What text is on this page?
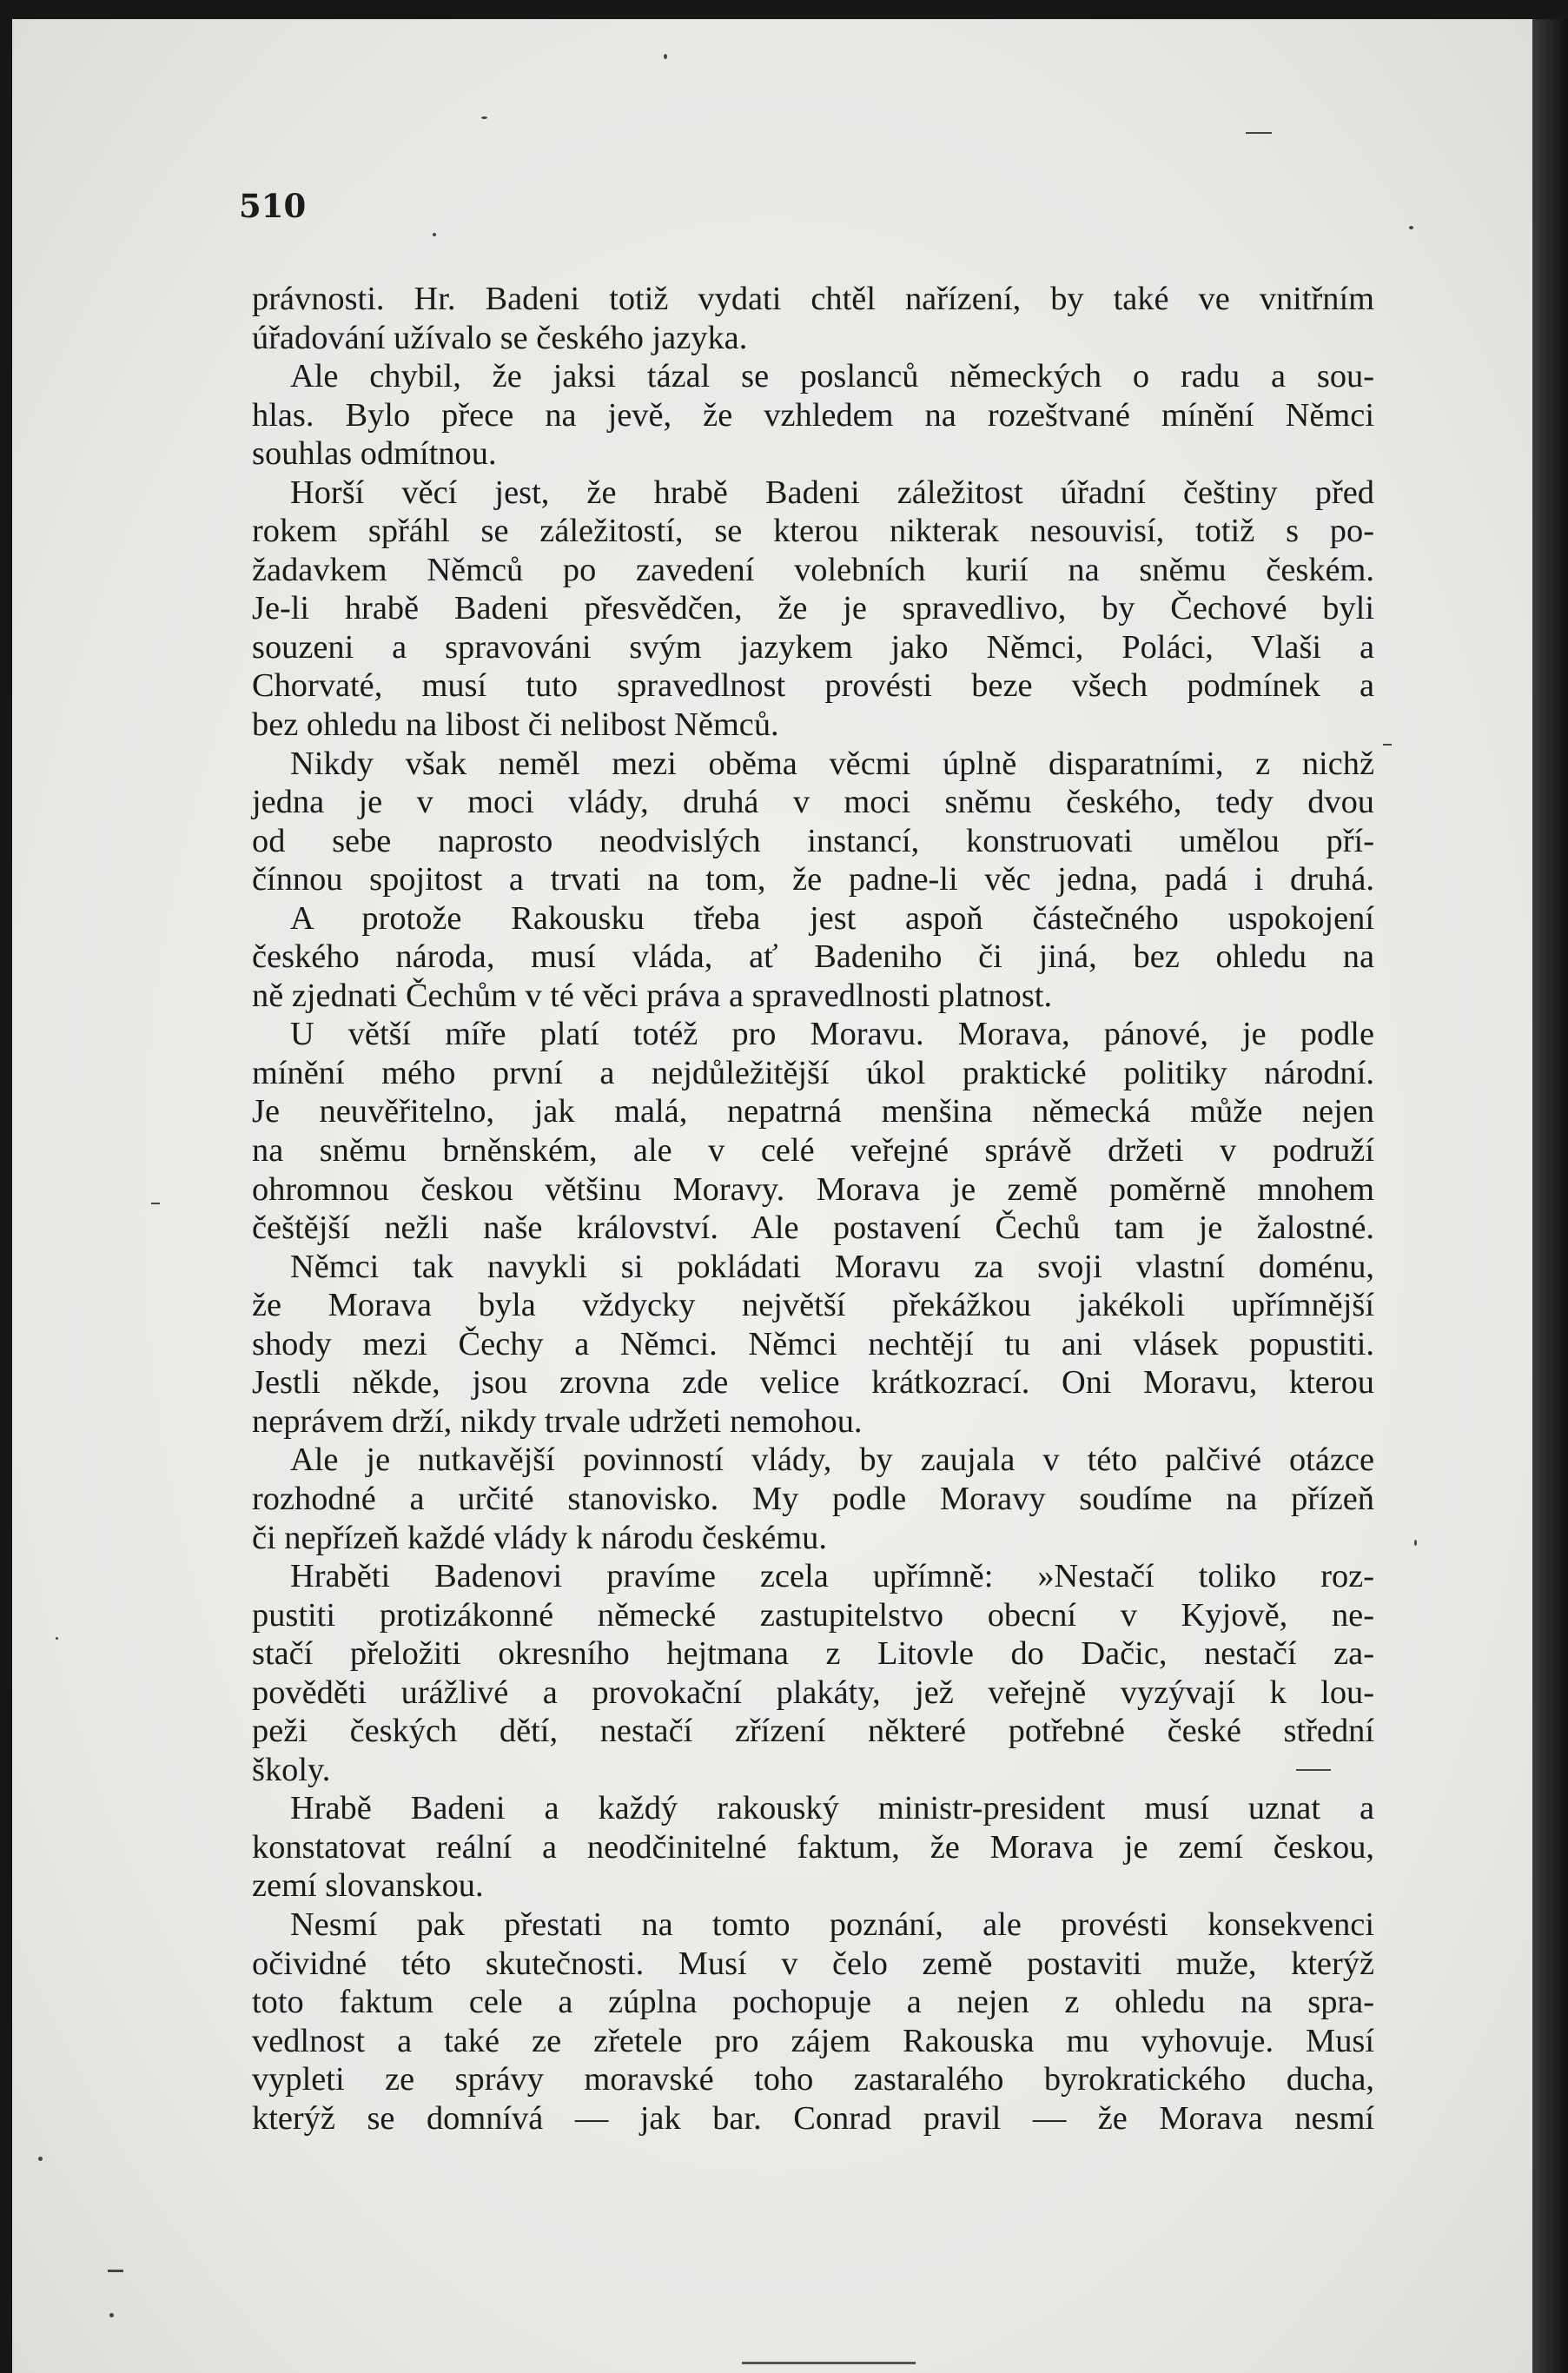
510
právnosti. Hr. Badeni totiž vydati chtěl nařízení, by také ve vnitřním
úřadování užívalo se českého jazyka.
Ale chybil, že jaksi tázal se poslanců německých o radu a sou-
hlas. Bylo přece na jevě, že vzhledem na rozeštvané mínění Němci
souhlas odmítnou.
Horší věcí jest, že hrabě Badeni záležitost úřadní češtiny před
rokem spřáhl se záležitostí, se kterou nikterak nesouvisí, totiž s po-
žadavkem Němců po zavedení volebních kurií na sněmu českém.
Je-li hrabě Badeni přesvědčen, že je spravedlivo, by Čechové byli
souzeni a spravováni svým jazykem jako Němci, Poláci, Vlaši a
Chorvaté, musí tuto spravedlnost provésti beze všech podmínek a
bez ohledu na libost či nelibost Němců.
Nikdy však neměl mezi oběma věcmi úplně disparatními, z nichž
jedna je v moci vlády, druhá v moci sněmu českého, tedy dvou
od sebe naprosto neodvislých instancí, konstruovati umělou pří-
čínnou spojitost a trvati na tom, že padne-li věc jedna, padá i druhá.
A protože Rakousku třeba jest aspoň částečného uspokojení
českého národa, musí vláda, ať Badeniho či jiná, bez ohledu na
ně zjednati Čechům v té věci práva a spravedlnosti platnost.
U větší míře platí totéž pro Moravu. Morava, pánové, je podle
mínění mého první a nejdůležitější úkol praktické politiky národní.
Je neuvěřitelno, jak malá, nepatrná menšina německá může nejen
na sněmu brněnském, ale v celé veřejné správě držeti v podruží
ohromnou českou většinu Moravy. Morava je země poměrně mnohem
češtější nežli naše království. Ale postavení Čechů tam je žalostné.
Němci tak navykli si pokládati Moravu za svoji vlastní doménu,
že Morava byla vždycky největší překážkou jakékoli upřímnější
shody mezi Čechy a Němci. Němci nechtějí tu ani vlásek popustiti.
Jestli někde, jsou zrovna zde velice krátkozrací. Oni Moravu, kterou
neprávem drží, nikdy trvale udržeti nemohou.
Ale je nutkavější povinností vlády, by zaujala v této palčivé otázce
rozhodné a určité stanovisko. My podle Moravy soudíme na přízeň
či nepřízeň každé vlády k národu českému.
Hraběti Badenovi pravíme zcela upřímně: »Nestačí toliko roz-
pustiti protizákonné německé zastupitelstvo obecní v Kyjově, ne-
stačí přeložiti okresního hejtmana z Litovle do Dačic, nestačí za-
pověděti urážlivé a provokační plakáty, jež veřejně vyzývají k lou-
peži českých dětí, nestačí zřízení některé potřebné české střední
školy.
Hrabě Badeni a každý rakouský ministr-president musí uznat a
konstatovat reální a neodčinitelné faktum, že Morava je zemí českou,
zemí slovanskou.
Nesmí pak přestati na tomto poznání, ale provésti konsekvenci
očividné této skutečnosti. Musí v čelo země postaviti muže, kterýž
toto faktum cele a zúplna pochopuje a nejen z ohledu na spra-
vedlnost a také ze zřetele pro zájem Rakouska mu vyhovuje. Musí
vypleti ze správy moravské toho zastaralého byrokratického ducha,
kterýž se domnívá — jak bar. Conrad pravil — že Morava nesmí
